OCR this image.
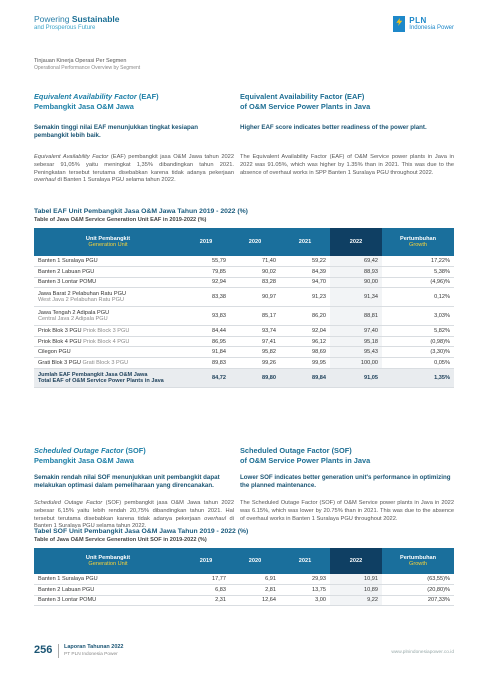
Powering Sustainable
and Prosperous Future
PLN
Indonesia Power
Tinjauan Kinerja Operasi Per Segmen
Operational Performance Overview by Segment
Equivalent Availability Factor (EAF)
Pembangkit Jasa O&M Jawa
Semakin tinggi nilai EAF menunjukkan tingkat kesiapan pembangkit lebih baik.
Equivalent Availability Factor (EAF) pembangkit jasa O&M Jawa tahun 2022 sebesar 91,05% yaitu meningkat 1,35% dibandingkan tahun 2021. Peningkatan tersebut terutama disebabkan karena tidak adanya pekerjaan overhaul di Banten 1 Suralaya PGU selama tahun 2022.
Equivalent Availability Factor (EAF)
of O&M Service Power Plants in Java
Higher EAF score indicates better readiness of the power plant.
The Equivalent Availability Factor (EAF) of O&M Service power plants in Java in 2022 was 91.05%, which was higher by 1.35% than in 2021. This was due to the absence of overhaul works in SPP Banten 1 Suralaya PGU throughout 2022.
Tabel EAF Unit Pembangkit Jasa O&M Jawa Tahun 2019 - 2022 (%)
Table of Java O&M Service Generation Unit EAF in 2019-2022 (%)
Unit Pembangkit
Generation Unit	2019	2020	2021	2022	Pertumbuhan
Growth

Banten 1 Suralaya PGU	55,79	71,40	59,22	69,42	17,22%
Banten 2 Labuan PGU	79,85	90,02	84,39	88,93	5,38%
Banten 3 Lontar POMU	92,94	83,28	94,70	90,00	(4,96)%
Jawa Barat 2 Pelabuhan Ratu PGU
West Java 2 Pelabuhan Ratu PGU	83,38	90,97	91,23	91,34	0,12%
Jawa Tengah 2 Adipala PGU
Central Java 2 Adipala PGU	93,83	85,17	86,20	88,81	3,03%
Priok Blok 3 PGU Priok Block 3 PGU	84,44	93,74	92,04	97,40	5,82%
Priok Blok 4 PGU Priok Block 4 PGU	86,95	97,41	96,12	95,18	(0,98)%
Cilegon PGU	91,84	95,82	98,69	95,43	(3,30)%
Grati Blok 3 PGU Grati Block 3 PGU	89,83	99,26	99,95	100,00	0,05%
Jumlah EAF Pembangkit Jasa O&M Jawa
Total EAF of O&M Service Power Plants in Java	84,72	89,80	89,84	91,05	1,35%
Scheduled Outage Factor (SOF)
Pembangkit Jasa O&M Jawa
Semakin rendah nilai SOF menunjukkan unit pembangkit dapat melakukan optimasi dalam pemeliharaan yang direncanakan.
Scheduled Outage Factor (SOF) pembangkit jasa O&M Jawa tahun 2022 sebesar 6,15% yaitu lebih rendah 20,75% dibandingkan tahun 2021. Hal tersebut terutama disebabkan karena tidak adanya pekerjaan overhaul di Banten 1 Suralaya PGU selama tahun 2022.
Scheduled Outage Factor (SOF)
of O&M Service Power Plants in Java
Lower SOF indicates better generation unit's performance in optimizing the planned maintenance.
The Scheduled Outage Factor (SOF) of O&M Service power plants in Java in 2022 was 6.15%, which was lower by 20.75% than in 2021. This was due to the absence of overhaul works in Banten 1 Suralaya PGU throughout 2022.
Tabel SOF Unit Pembangkit Jasa O&M Jawa Tahun 2019 - 2022 (%)
Table of Java O&M Service Generation Unit SOF in 2019-2022 (%)
Unit Pembangkit
Generation Unit	2019	2020	2021	2022	Pertumbuhan
Growth

Banten 1 Suralaya PGU	17,77	6,91	29,93	10,91	(63,55)%
Banten 2 Labuan PGU	6,83	2,81	13,75	10,89	(20,80)%
Banten 3 Lontar POMU	2,31	12,64	3,00	9,22	207,33%
256 Laporan Tahunan 2022
PT PLN Indonesia Power	www.plnindonesiapower.co.id
